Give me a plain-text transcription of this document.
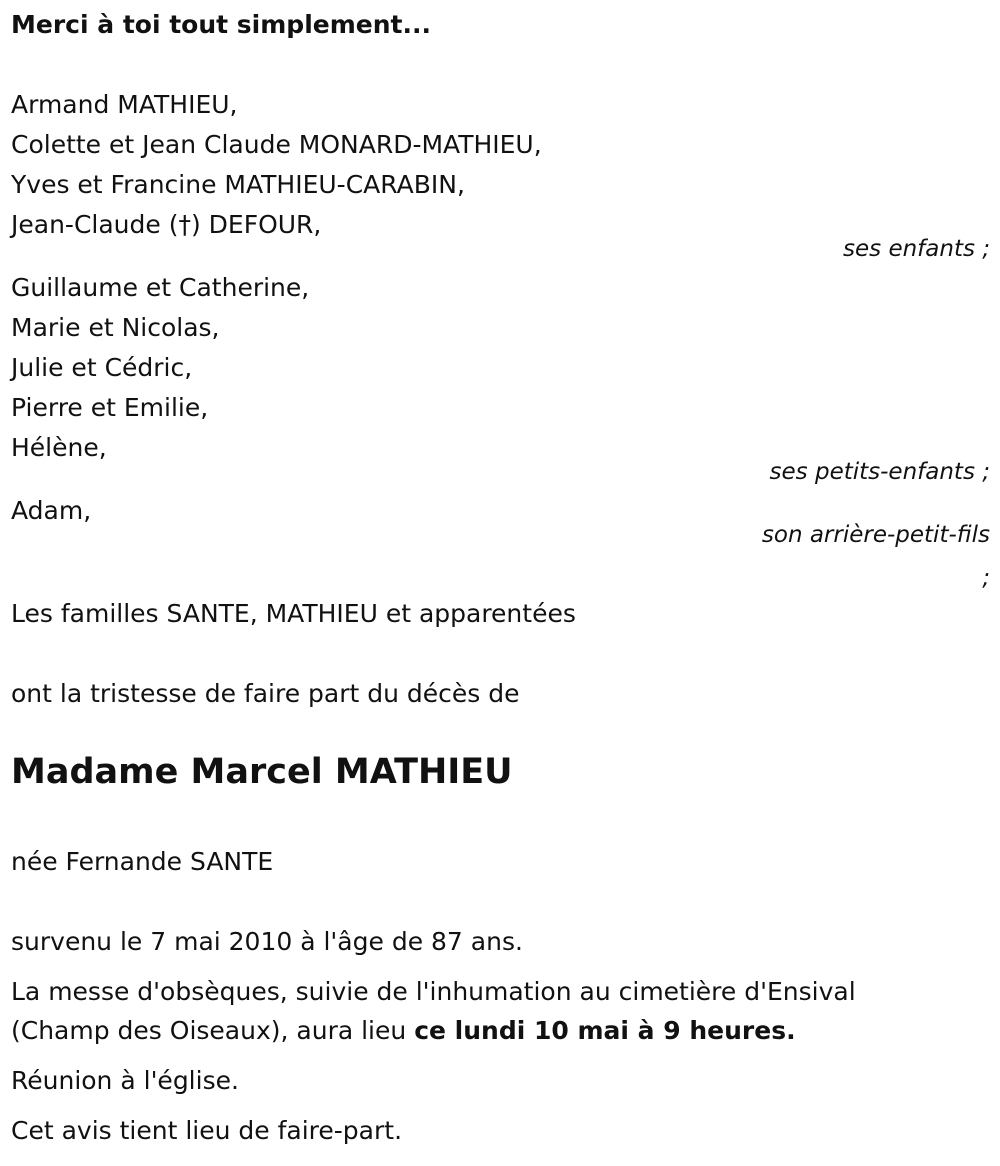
Merci à toi tout simplement...
Armand MATHIEU,
Colette et Jean Claude MONARD-MATHIEU,
Yves et Francine MATHIEU-CARABIN,
Jean-Claude (†) DEFOUR,
ses enfants ;
Guillaume et Catherine,
Marie et Nicolas,
Julie et Cédric,
Pierre et Emilie,
Hélène,
ses petits-enfants ;
Adam,
son arrière-petit-fils
;
Les familles SANTE, MATHIEU et apparentées
ont la tristesse de faire part du décès de
Madame Marcel MATHIEU
née Fernande SANTE
survenu le 7 mai 2010 à l'âge de 87 ans.
La messe d'obsèques, suivie de l'inhumation au cimetière d'Ensival
(Champ des Oiseaux), aura lieu ce lundi 10 mai à 9 heures.
Réunion à l'église.
Cet avis tient lieu de faire-part.
